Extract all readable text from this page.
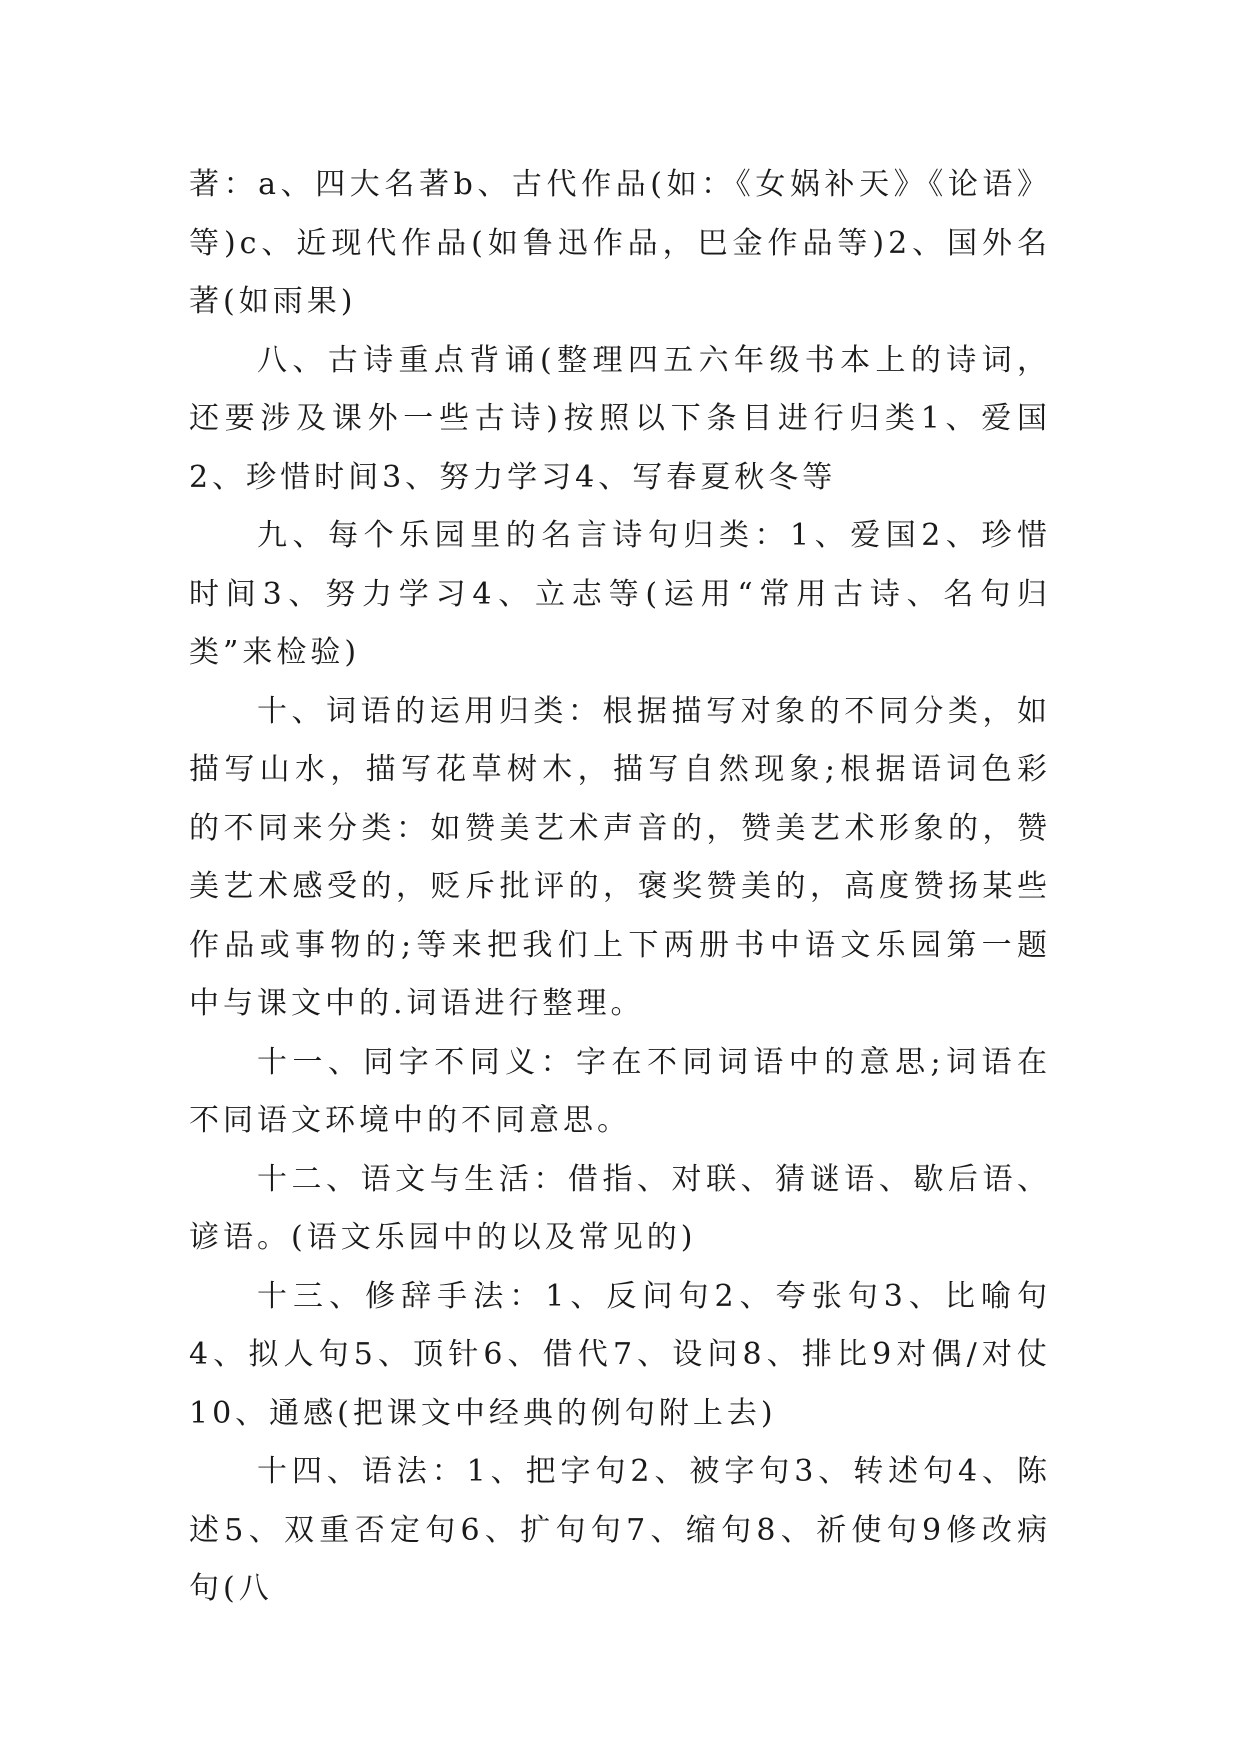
著：a、四大名著b、古代作品(如：《女娲补天》《论语》等)c、近现代作品(如鲁迅作品，巴金作品等)2、国外名著(如雨果)

八、古诗重点背诵(整理四五六年级书本上的诗词，还要涉及课外一些古诗)按照以下条目进行归类1、爱国2、珍惜时间3、努力学习4、写春夏秋冬等

九、每个乐园里的名言诗句归类：1、爱国2、珍惜时间3、努力学习4、立志等(运用“常用古诗、名句归类”来检验)

十、词语的运用归类：根据描写对象的不同分类，如描写山水，描写花草树木，描写自然现象;根据语词色彩的不同来分类：如赞美艺术声音的，赞美艺术形象的，赞美艺术感受的，贬斥批评的，褒奖赞美的，高度赞扬某些作品或事物的;等来把我们上下两册书中语文乐园第一题中与课文中的.词语进行整理。

十一、同字不同义：字在不同词语中的意思;词语在不同语文环境中的不同意思。

十二、语文与生活：借指、对联、猜谜语、歇后语、谚语。(语文乐园中的以及常见的)

十三、修辞手法：1、反问句2、夸张句3、比喻句4、拟人句5、顶针6、借代7、设问8、排比9对偶/对仗10、通感(把课文中经典的例句附上去)

十四、语法：1、把字句2、被字句3、转述句4、陈述5、双重否定句6、扩句句7、缩句8、祈使句9修改病句(八
